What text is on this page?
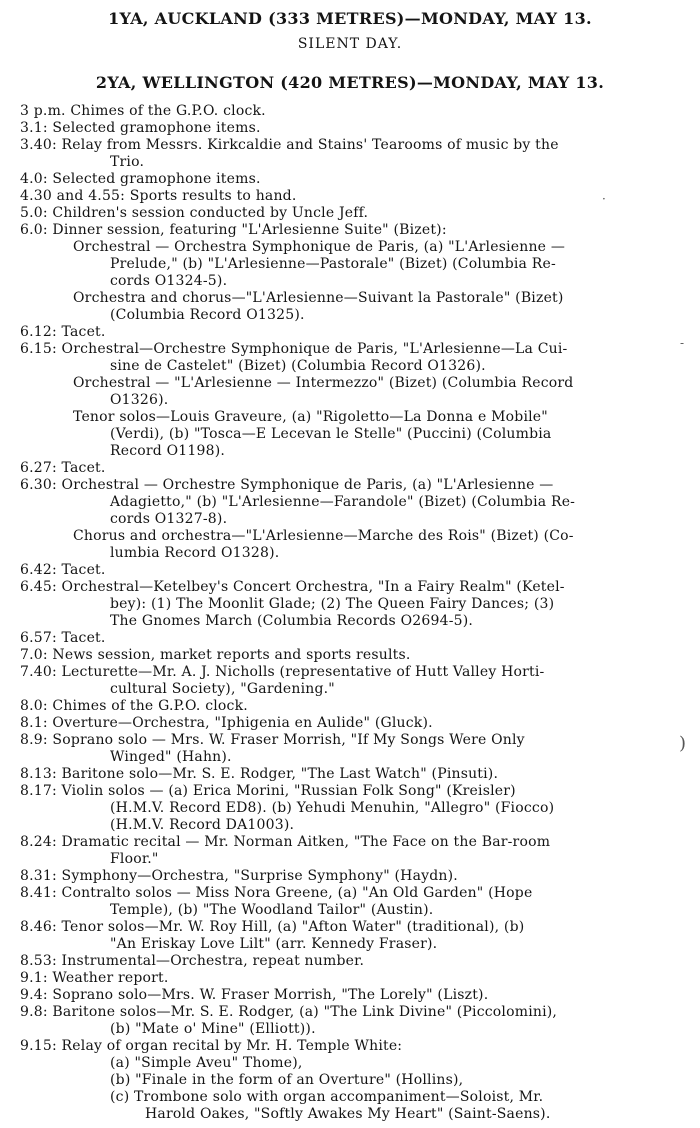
1YA, AUCKLAND (333 METRES)—MONDAY, MAY 13.
SILENT DAY.
2YA, WELLINGTON (420 METRES)—MONDAY, MAY 13.
3 p.m. Chimes of the G.P.O. clock.
3.1: Selected gramophone items.
3.40: Relay from Messrs. Kirkcaldie and Stains' Tearooms of music by the
Trio.
4.0: Selected gramophone items.
4.30 and 4.55: Sports results to hand.
5.0: Children's session conducted by Uncle Jeff.
6.0: Dinner session, featuring "L'Arlesienne Suite" (Bizet):
Orchestral — Orchestra Symphonique de Paris, (a) "L'Arlesienne —
Prelude," (b) "L'Arlesienne—Pastorale" (Bizet) (Columbia Re-
cords O1324-5).
Orchestra and chorus—"L'Arlesienne—Suivant la Pastorale" (Bizet)
(Columbia Record O1325).
6.12: Tacet.
6.15: Orchestral—Orchestre Symphonique de Paris, "L'Arlesienne—La Cui-
sine de Castelet" (Bizet) (Columbia Record O1326).
Orchestral — "L'Arlesienne — Intermezzo" (Bizet) (Columbia Record
O1326).
Tenor solos—Louis Graveure, (a) "Rigoletto—La Donna e Mobile"
(Verdi), (b) "Tosca—E Lecevan le Stelle" (Puccini) (Columbia
Record O1198).
6.27: Tacet.
6.30: Orchestral — Orchestre Symphonique de Paris, (a) "L'Arlesienne —
Adagietto," (b) "L'Arlesienne—Farandole" (Bizet) (Columbia Re-
cords O1327-8).
Chorus and orchestra—"L'Arlesienne—Marche des Rois" (Bizet) (Co-
lumbia Record O1328).
6.42: Tacet.
6.45: Orchestral—Ketelbey's Concert Orchestra, "In a Fairy Realm" (Ketel-
bey): (1) The Moonlit Glade; (2) The Queen Fairy Dances; (3)
The Gnomes March (Columbia Records O2694-5).
6.57: Tacet.
7.0: News session, market reports and sports results.
7.40: Lecturette—Mr. A. J. Nicholls (representative of Hutt Valley Horti-
cultural Society), "Gardening."
8.0: Chimes of the G.P.O. clock.
8.1: Overture—Orchestra, "Iphigenia en Aulide" (Gluck).
8.9: Soprano solo — Mrs. W. Fraser Morrish, "If My Songs Were Only
Winged" (Hahn).
8.13: Baritone solo—Mr. S. E. Rodger, "The Last Watch" (Pinsuti).
8.17: Violin solos — (a) Erica Morini, "Russian Folk Song" (Kreisler)
(H.M.V. Record ED8). (b) Yehudi Menuhin, "Allegro" (Fiocco)
(H.M.V. Record DA1003).
8.24: Dramatic recital — Mr. Norman Aitken, "The Face on the Bar-room
Floor."
8.31: Symphony—Orchestra, "Surprise Symphony" (Haydn).
8.41: Contralto solos — Miss Nora Greene, (a) "An Old Garden" (Hope
Temple), (b) "The Woodland Tailor" (Austin).
8.46: Tenor solos—Mr. W. Roy Hill, (a) "Afton Water" (traditional), (b)
"An Eriskay Love Lilt" (arr. Kennedy Fraser).
8.53: Instrumental—Orchestra, repeat number.
9.1: Weather report.
9.4: Soprano solo—Mrs. W. Fraser Morrish, "The Lorely" (Liszt).
9.8: Baritone solos—Mr. S. E. Rodger, (a) "The Link Divine" (Piccolomini),
(b) "Mate o' Mine" (Elliott)).
9.15: Relay of organ recital by Mr. H. Temple White:
(a) "Simple Aveu" Thome),
(b) "Finale in the form of an Overture" (Hollins),
(c) Trombone solo with organ accompaniment—Soloist, Mr.
Harold Oakes, "Softly Awakes My Heart" (Saint-Saens).
)
‐
·
